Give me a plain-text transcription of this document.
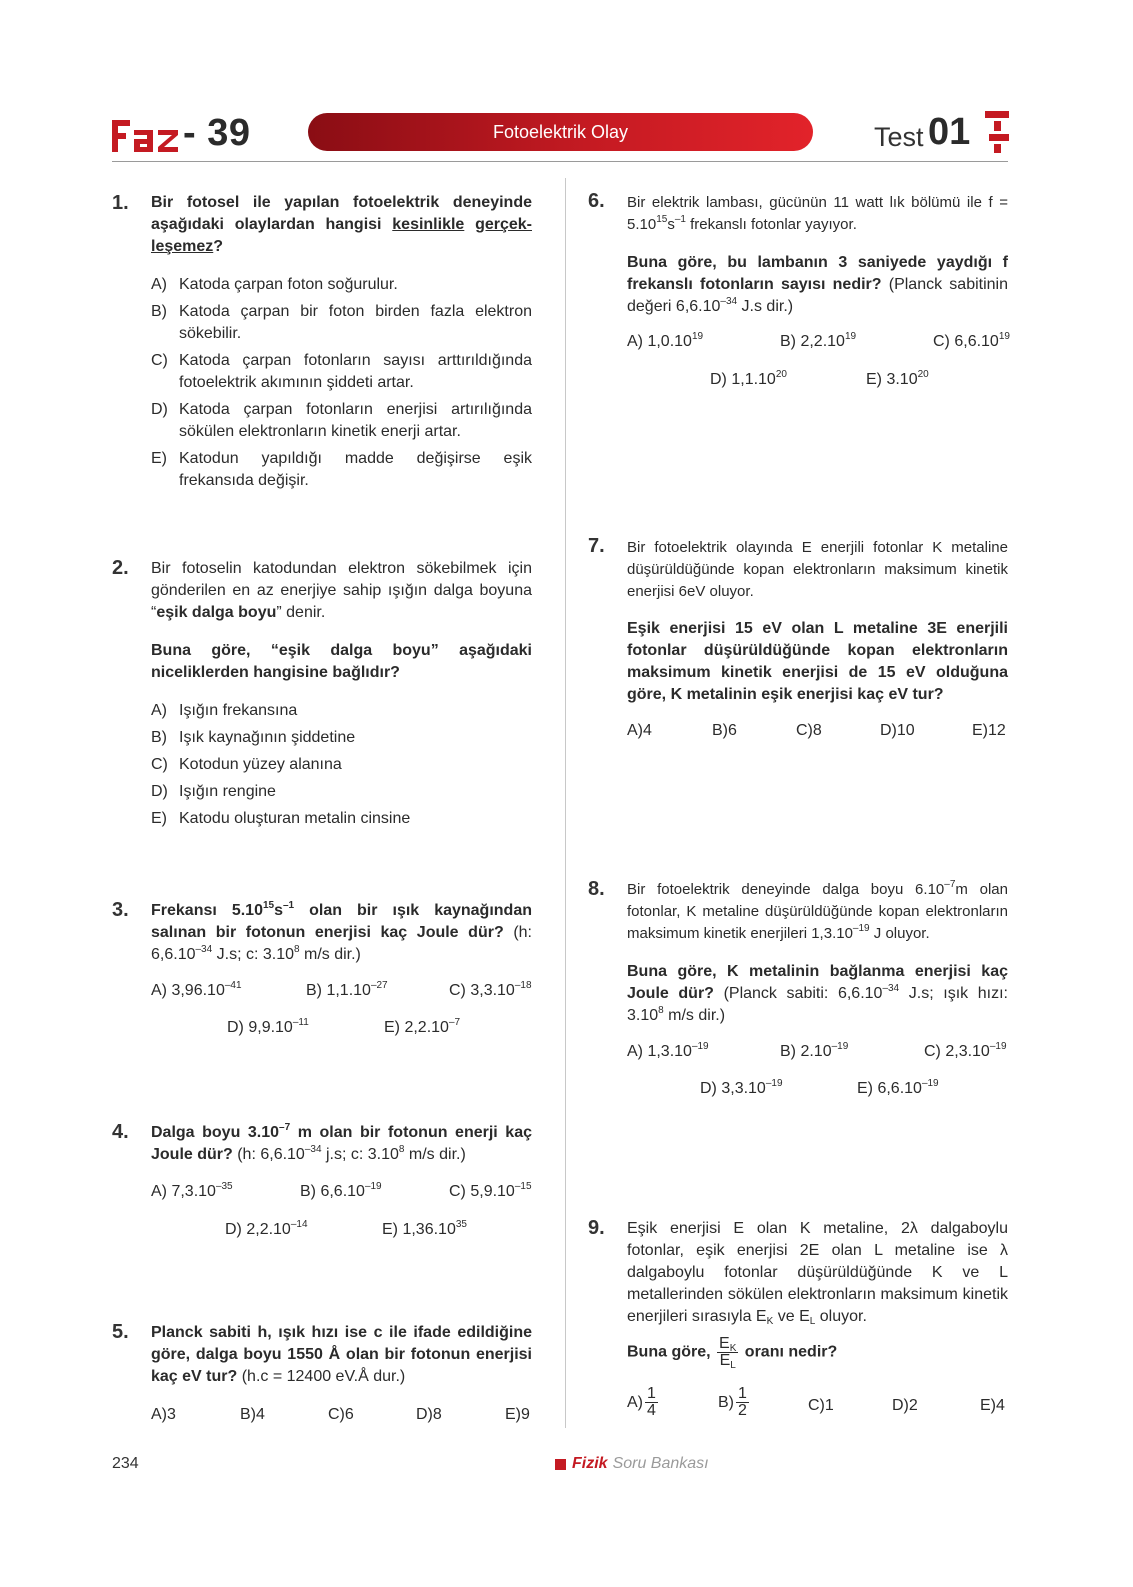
- 39	Fotoelektrik Olay	Test 01
1. Bir fotosel ile yapılan fotoelektrik deneyinde aşağıdaki olaylardan hangisi kesinlikle gerçek- leşemez?
A) Katoda çarpan foton soğurulur.
B) Katoda çarpan bir foton birden fazla elektron sökebilir.
C) Katoda çarpan fotonların sayısı arttırıldığında fotoelektrik akımının şiddeti artar.
D) Katoda çarpan fotonların enerjisi artırılığında sökülen elektronların kinetik enerji artar.
E) Katodun yapıldığı madde değişirse eşik frekansıda değişir.
2. Bir fotoselin katodundan elektron sökebilmek için gönderilen en az enerjiye sahip ışığın dalga boyuna “eşik dalga boyu” denir.
Buna göre, “eşik dalga boyu” aşağıdaki niceliklerden hangisine bağlıdır?
A) Işığın frekansına
B) Işık kaynağının şiddetine
C) Kotodun yüzey alanına
D) Işığın rengine
E) Katodu oluşturan metalin cinsine
3. Frekansı $5.10^{15}s^{-1}$ olan bir ışık kaynağından salınan bir fotonun enerjisi kaç Joule dür? (h: $6,6.10^{-34}$ J.s; c: 3.10$^8$ m/s dir.)
A) $3,96.10^{-41}$	B) $1,1.10^{-27}$	C) $3,3.10^{-18}$
D) $9,9.10^{-11}$	E) $2,2.10^{-7}$
4. Dalga boyu $3.10^{-7}$ m olan bir fotonun enerji kaç Joule dür? (h: $6,6.10^{-34}$ j.s; c: 3.10$^8$ m/s dir.)
A) $7,3.10^{-35}$	B) $6,6.10^{-19}$	C) $5,9.10^{-15}$
D) $2,2.10^{-14}$	E) 1,36.10$^{35}$
5. Planck sabiti h, ışık hızı ise c ile ifade edildiğine göre, dalga boyu 1550 Å olan bir fotonun enerjisi kaç eV tur? (h.c = 12400 eV.Å dur.)
A)3	B)4	C)6	D)8	E)9
6. Bir elektrik lambası, gücünün 11 watt lık bölümü ile $f = 5.10^{15}s^{-1}$ frekanslı fotonlar yayıyor.
Buna göre, bu lambanın 3 saniyede yaydığı f frekanslı fotonların sayısı nedir? (Planck sabitinin değeri $6,6.10^{-34}$ J.s dir.)
A) 1,0.10$^{19}$	B) 2,2.10$^{19}$	C) 6,6.10$^{19}$
D) 1,1.10$^{20}$	E) 3.10$^{20}$
7. Bir fotoelektrik olayında E enerjili fotonlar K metaline düşürüldüğünde kopan elektronların maksimum kinetik enerjisi 6eV oluyor.
Eşik enerjisi 15 eV olan L metaline 3E enerjili fotonlar düşürüldüğünde kopan elektronların maksimum kinetik enerjisi de 15 eV olduğuna göre, K metalinin eşik enerjisi kaç eV tur?
A)4	B)6	C)8	D)10	E)12
8. Bir fotoelektrik deneyinde dalga boyu $6.10^{-7}m$ olan fotonlar, K metaline düşürüldüğünde kopan elektronların maksimum kinetik enerjileri $1,3.10^{-19}$ J oluyor.
Buna göre, K metalinin bağlanma enerjisi kaç Joule dür? (Planck sabiti: $6,6.10^{-34}$ J.s; ışık hızı: 3.10$^8$ m/s dir.)
A) $1,3.10^{-19}$	B) $2.10^{-19}$	C) $2,3.10^{-19}$
D) $3,3.10^{-19}$	E) $6,6.10^{-19}$
9. Eşik enerjisi E olan K metaline, 2λ dalgaboylu fotonlar, eşik enerjisi 2E olan L metaline ise λ dalgaboylu fotonlar düşürüldüğünde K ve L metallerinden sökülen elektronların maksimum kinetik enerjileri sırasıyla $E_K$ ve $E_L$ oluyor.
Buna göre, $\frac{E_K}{E_L}$ oranı nedir?
$A) \frac{1}{4}$	$B) \frac{1}{2}$	C)1	D)2	E)4
234	Fizik Soru Bankası
